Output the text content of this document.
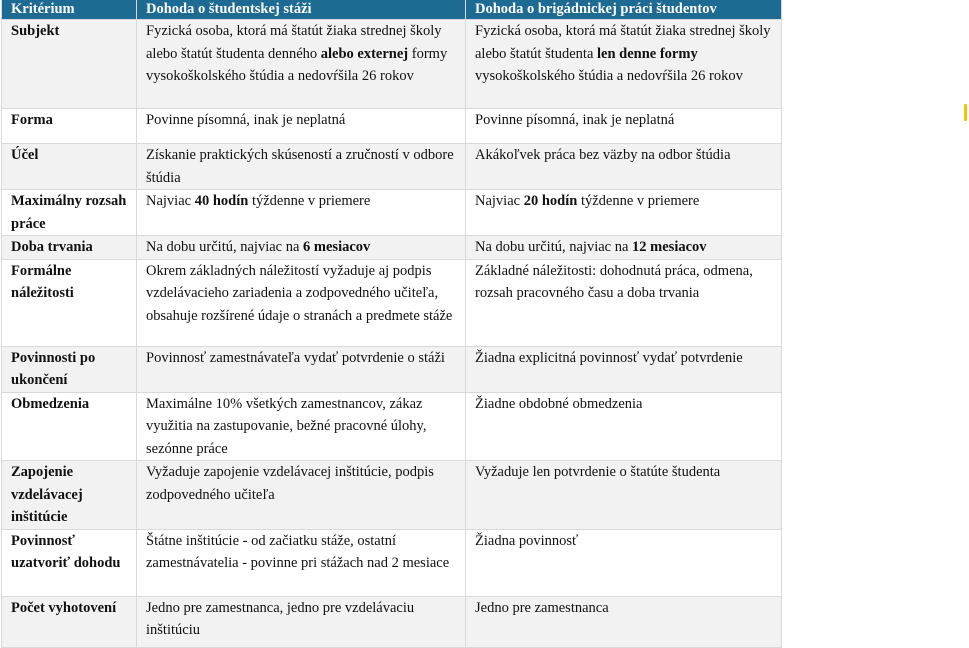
Kritérium	Dohoda o študentskej stáži	Dohoda o brigádnickej práci študentov
Subjekt	Fyzická osoba, ktorá má štatút žiaka strednej školy alebo štatút študenta denného alebo externej formy vysokoškolského štúdia a nedovŕšila 26 rokov	Fyzická osoba, ktorá má štatút žiaka strednej školy alebo štatút študenta len denne formy vysokoškolského štúdia a nedovŕšila 26 rokov
Forma	Povinne písomná, inak je neplatná	Povinne písomná, inak je neplatná
Účel	Získanie praktických skúseností a zručností v odbore štúdia	Akákoľvek práca bez väzby na odbor štúdia
Maximálny rozsah práce	Najviac 40 hodín týždenne v priemere	Najviac 20 hodín týždenne v priemere
Doba trvania	Na dobu určitú, najviac na 6 mesiacov	Na dobu určitú, najviac na 12 mesiacov
Formálne náležitosti	Okrem základných náležitostí vyžaduje aj podpis vzdelávacieho zariadenia a zodpovedného učiteľa, obsahuje rozšírené údaje o stranách a predmete stáže	Základné náležitosti: dohodnutá práca, odmena, rozsah pracovného času a doba trvania
Povinnosti po ukončení	Povinnosť zamestnávateľa vydať potvrdenie o stáži	Žiadna explicitná povinnosť vydať potvrdenie
Obmedzenia	Maximálne 10% všetkých zamestnancov, zákaz využitia na zastupovanie, bežné pracovné úlohy, sezónne práce	Žiadne obdobné obmedzenia
Zapojenie vzdelávacej inštitúcie	Vyžaduje zapojenie vzdelávacej inštitúcie, podpis zodpovedného učiteľa	Vyžaduje len potvrdenie o štatúte študenta
Povinnosť uzatvoriť dohodu	Štátne inštitúcie - od začiatku stáže, ostatní zamestnávatelia - povinne pri stážach nad 2 mesiace	Žiadna povinnosť
Počet vyhotovení	Jedno pre zamestnanca, jedno pre vzdelávaciu inštitúciu	Jedno pre zamestnanca
